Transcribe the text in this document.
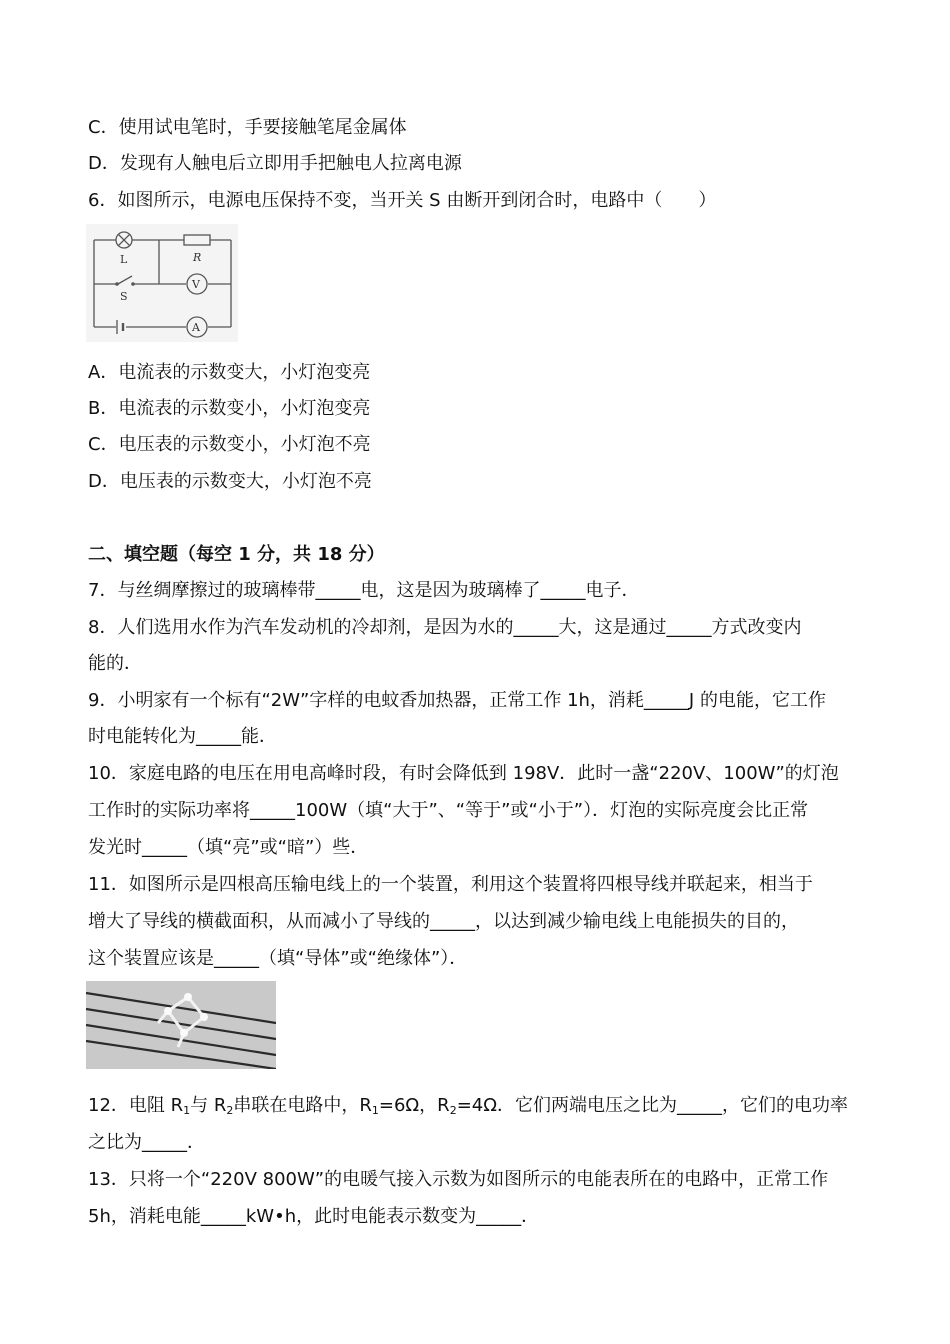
C．使用试电笔时，手要接触笔尾金属体
D．发现有人触电后立即用手把触电人拉离电源
6．如图所示，电源电压保持不变，当开关 S 由断开到闭合时，电路中（　　）
L	R
S
V
A
A．电流表的示数变大，小灯泡变亮
B．电流表的示数变小，小灯泡变亮
C．电压表的示数变小，小灯泡不亮
D．电压表的示数变大，小灯泡不亮
二、填空题（每空 1 分，共 18 分）
7．与丝绸摩擦过的玻璃棒带_____电，这是因为玻璃棒了_____电子．
8．人们选用水作为汽车发动机的冷却剂，是因为水的_____大，这是通过_____方式改变内
能的．
9．小明家有一个标有“2W”字样的电蚊香加热器，正常工作 1h，消耗_____J 的电能，它工作
时电能转化为_____能．
10．家庭电路的电压在用电高峰时段，有时会降低到 198V．此时一盏“220V、100W”的灯泡
工作时的实际功率将_____100W（填“大于”、“等于”或“小于”）．灯泡的实际亮度会比正常
发光时_____（填“亮”或“暗”）些．
11．如图所示是四根高压输电线上的一个装置，利用这个装置将四根导线并联起来，相当于
增大了导线的横截面积，从而减小了导线的_____，以达到减少输电线上电能损失的目的，
这个装置应该是_____（填“导体”或“绝缘体”）．
12．电阻 $R_1$与 $R_2$串联在电路中，$R_1=6\Omega$，$R_2=4\Omega$．它们两端电压之比为_____，它们的电功率
之比为_____．
13．只将一个“220V 800W”的电暖气接入示数为如图所示的电能表所在的电路中，正常工作
5h，消耗电能_____kW•h，此时电能表示数变为_____．
